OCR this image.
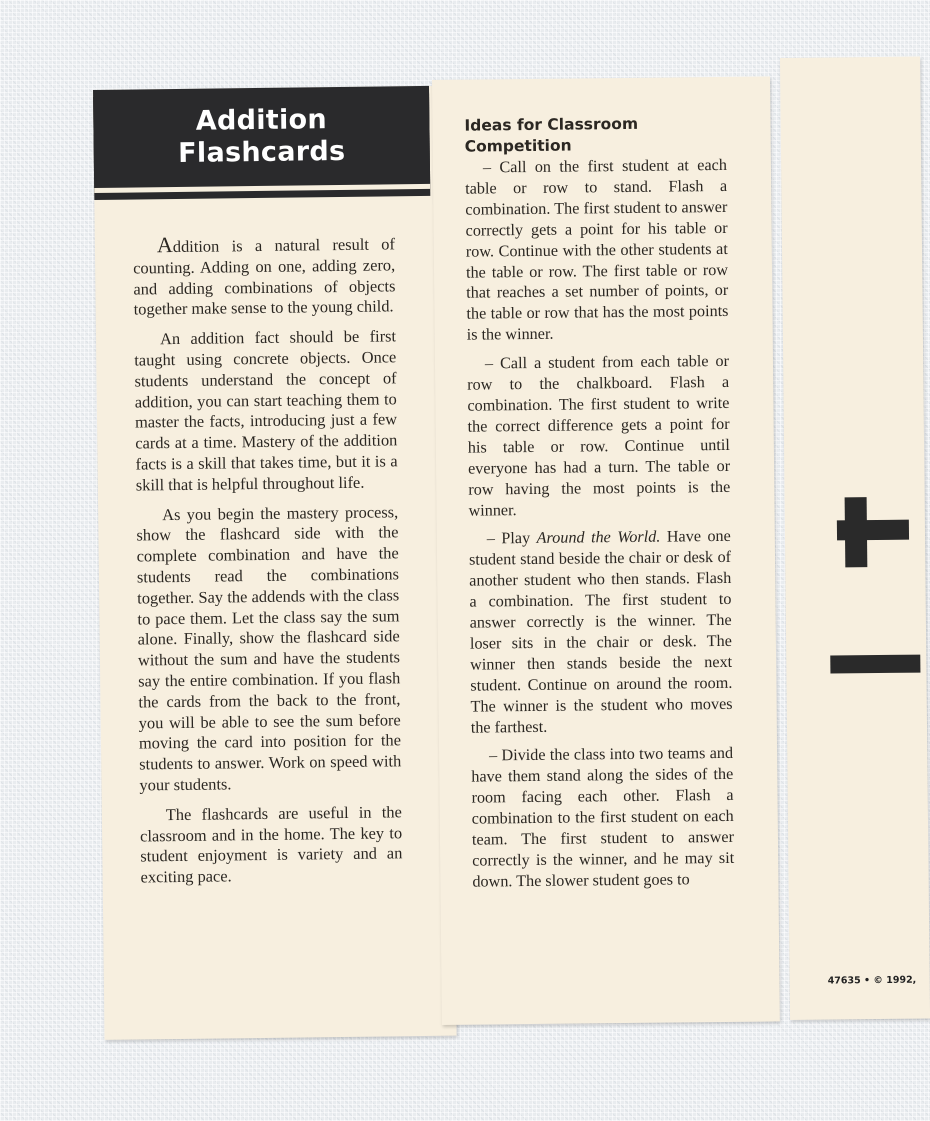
Addition
Flashcards

Addition is a natural result of counting. Adding on one, adding zero, and adding combinations of objects together make sense to the young child.

An addition fact should be first taught using concrete objects. Once students understand the concept of addition, you can start teaching them to master the facts, introducing just a few cards at a time. Mastery of the addition facts is a skill that takes time, but it is a skill that is helpful throughout life.

As you begin the mastery process, show the flashcard side with the complete combination and have the students read the combinations together. Say the addends with the class to pace them. Let the class say the sum alone. Finally, show the flashcard side without the sum and have the students say the entire combination. If you flash the cards from the back to the front, you will be able to see the sum before moving the card into position for the students to answer. Work on speed with your students.

The flashcards are useful in the classroom and in the home. The key to student enjoyment is variety and an exciting pace.

Ideas for Classroom
Competition

– Call on the first student at each table or row to stand. Flash a combination. The first student to answer correctly gets a point for his table or row. Continue with the other students at the table or row. The first table or row that reaches a set number of points, or the table or row that has the most points is the winner.

– Call a student from each table or row to the chalkboard. Flash a combination. The first student to write the correct difference gets a point for his table or row. Continue until everyone has had a turn. The table or row having the most points is the winner.

– Play Around the World. Have one student stand beside the chair or desk of another student who then stands. Flash a combination. The first student to answer correctly is the winner. The loser sits in the chair or desk. The winner then stands beside the next student. Continue on around the room. The winner is the student who moves the farthest.

– Divide the class into two teams and have them stand along the sides of the room facing each other. Flash a combination to the first student on each team. The first student to answer correctly is the winner, and he may sit down. The slower student goes to

47635 • © 1992,
